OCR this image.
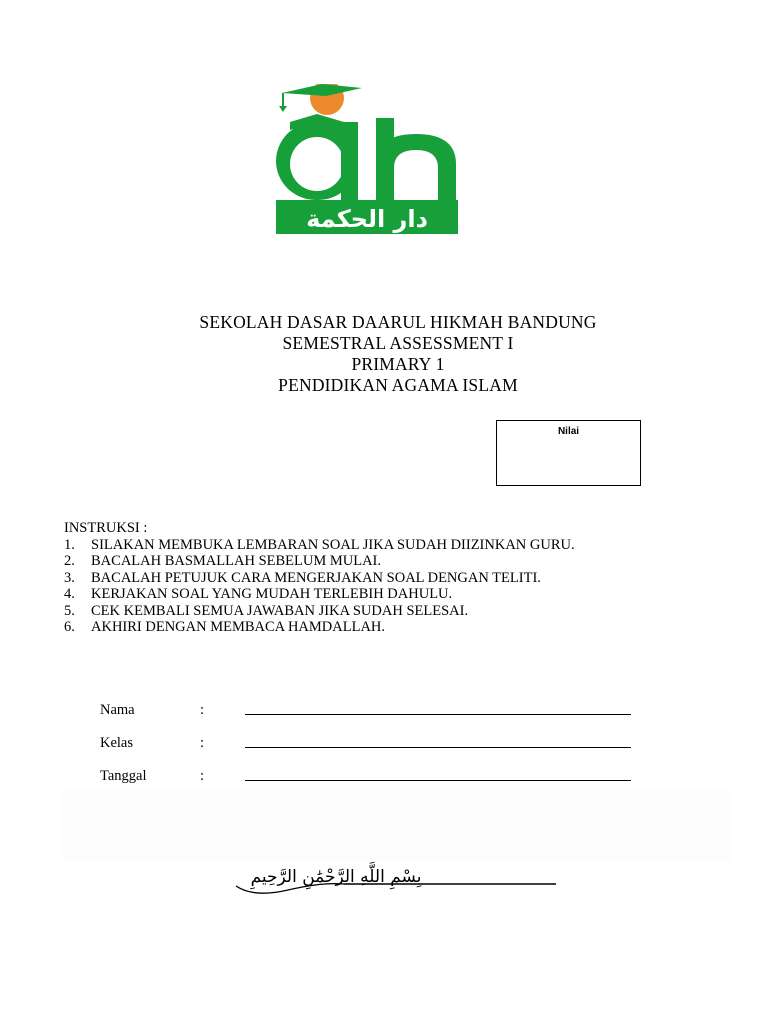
دار الحكمة
SEKOLAH DASAR DAARUL HIKMAH BANDUNG
SEMESTRAL ASSESSMENT I
PRIMARY 1
PENDIDIKAN AGAMA ISLAM
Nilai
INSTRUKSI :
1. SILAKAN MEMBUKA LEMBARAN SOAL JIKA SUDAH DIIZINKAN GURU.
2. BACALAH BASMALLAH SEBELUM MULAI.
3. BACALAH PETUJUK CARA MENGERJAKAN SOAL DENGAN TELITI.
4. KERJAKAN SOAL YANG MUDAH TERLEBIH DAHULU.
5. CEK KEMBALI SEMUA JAWABAN JIKA SUDAH SELESAI.
6. AKHIRI DENGAN MEMBACA HAMDALLAH.
Nama	:
Kelas	:
Tanggal	:
بِسْمِ اللَّهِ الرَّحْمَٰنِ الرَّحِيمِ
